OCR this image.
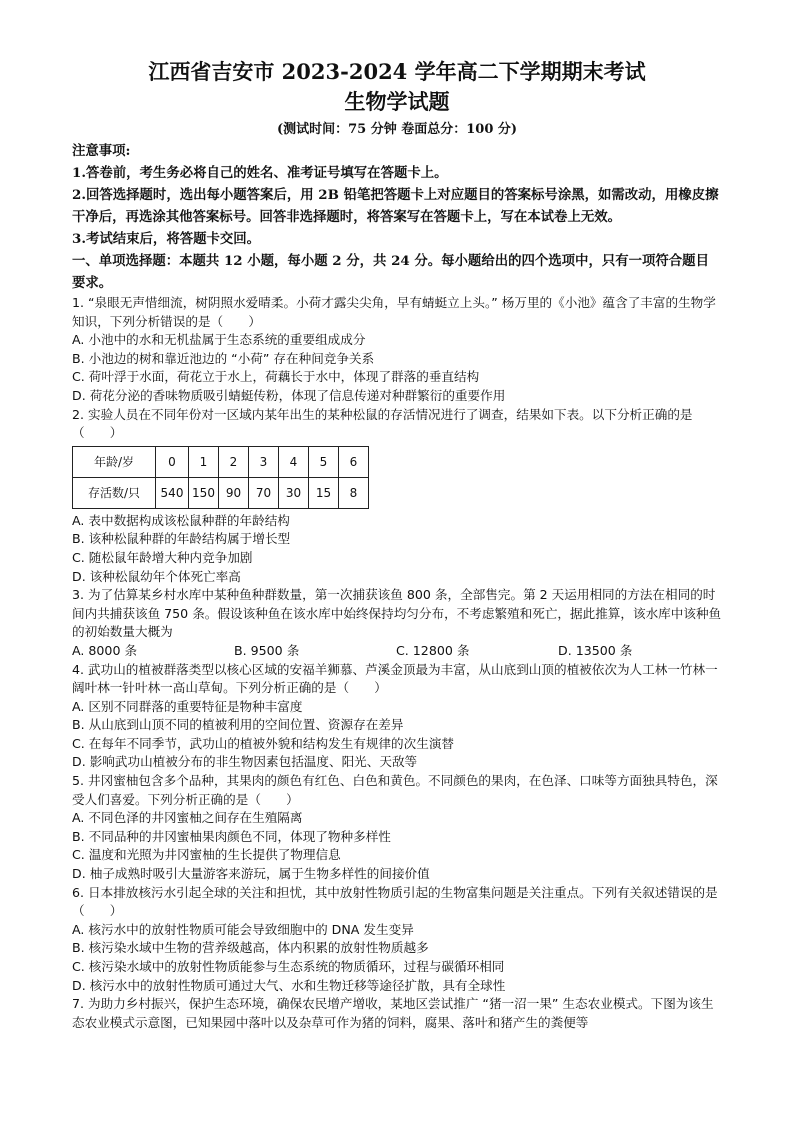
江西省吉安市 2023-2024 学年高二下学期期末考试
生物学试题
(测试时间：75 分钟 卷面总分：100 分)
注意事项:
1.答卷前，考生务必将自己的姓名、准考证号填写在答题卡上。
2.回答选择题时，选出每小题答案后，用 2B 铅笔把答题卡上对应题目的答案标号涂黑，如需改动，用橡皮擦干净后，再选涂其他答案标号。回答非选择题时，将答案写在答题卡上，写在本试卷上无效。
3.考试结束后，将答题卡交回。
一、单项选择题：本题共 12 小题，每小题 2 分，共 24 分。每小题给出的四个选项中，只有一项符合题目要求。
1. “泉眼无声惜细流，树阴照水爱晴柔。小荷才露尖尖角，早有蜻蜓立上头。” 杨万里的《小池》蕴含了丰富的生物学知识，下列分析错误的是（　　）
A. 小池中的水和无机盐属于生态系统的重要组成成分
B. 小池边的树和靠近池边的 “小荷” 存在种间竞争关系
C. 荷叶浮于水面，荷花立于水上，荷藕长于水中，体现了群落的垂直结构
D. 荷花分泌的香味物质吸引蜻蜓传粉，体现了信息传递对种群繁衍的重要作用
2. 实验人员在不同年份对一区域内某年出生的某种松鼠的存活情况进行了调查，结果如下表。以下分析正确的是（　　）
年龄/岁	0	1	2	3	4	5	6
存活数/只	540	150	90	70	30	15	8
A. 表中数据构成该松鼠种群的年龄结构
B. 该种松鼠种群的年龄结构属于增长型
C. 随松鼠年龄增大种内竞争加剧
D. 该种松鼠幼年个体死亡率高
3. 为了估算某乡村水库中某种鱼种群数量，第一次捕获该鱼 800 条，全部售完。第 2 天运用相同的方法在相同的时间内共捕获该鱼 750 条。假设该种鱼在该水库中始终保持均匀分布，不考虑繁殖和死亡，据此推算，该水库中该种鱼的初始数量大概为
A. 8000 条	B. 9500 条	C. 12800 条	D. 13500 条
4. 武功山的植被群落类型以核心区域的安福羊狮慕、芦溪金顶最为丰富，从山底到山顶的植被依次为人工林一竹林一阔叶林一针叶林一高山草甸。下列分析正确的是（　　）
A. 区别不同群落的重要特征是物种丰富度
B. 从山底到山顶不同的植被利用的空间位置、资源存在差异
C. 在每年不同季节，武功山的植被外貌和结构发生有规律的次生演替
D. 影响武功山植被分布的非生物因素包括温度、阳光、天敌等
5. 井冈蜜柚包含多个品种，其果肉的颜色有红色、白色和黄色。不同颜色的果肉，在色泽、口味等方面独具特色，深受人们喜爱。下列分析正确的是（　　）
A. 不同色泽的井冈蜜柚之间存在生殖隔离
B. 不同品种的井冈蜜柚果肉颜色不同，体现了物种多样性
C. 温度和光照为井冈蜜柚的生长提供了物理信息
D. 柚子成熟时吸引大量游客来游玩，属于生物多样性的间接价值
6. 日本排放核污水引起全球的关注和担忧，其中放射性物质引起的生物富集问题是关注重点。下列有关叙述错误的是（　　）
A. 核污水中的放射性物质可能会导致细胞中的 DNA 发生变异
B. 核污染水域中生物的营养级越高，体内积累的放射性物质越多
C. 核污染水域中的放射性物质能参与生态系统的物质循环，过程与碳循环相同
D. 核污水中的放射性物质可通过大气、水和生物迁移等途径扩散，具有全球性
7. 为助力乡村振兴，保护生态环境，确保农民增产增收，某地区尝试推广 “猪一沼一果” 生态农业模式。下图为该生态农业模式示意图，已知果园中落叶以及杂草可作为猪的饲料，腐果、落叶和猪产生的粪便等
